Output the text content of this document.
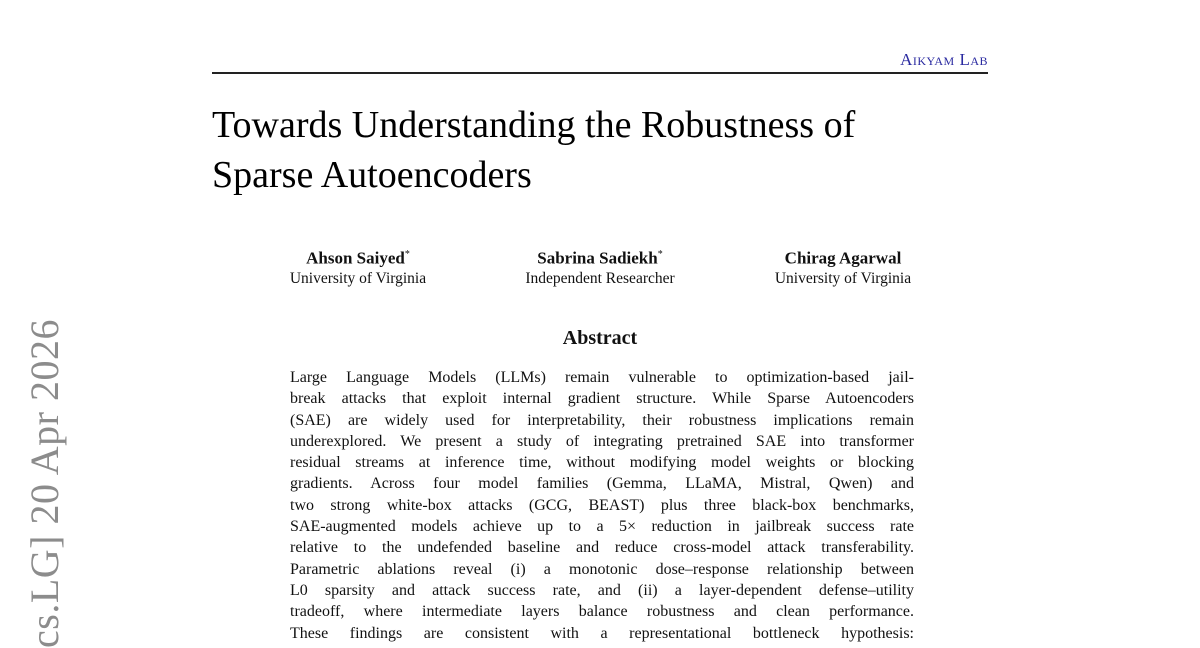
cs.LG] 20 Apr 2026
Aikyam Lab
Towards Understanding the Robustness of
Sparse Autoencoders
Ahson Saiyed*
University of Virginia
Sabrina Sadiekh*
Independent Researcher
Chirag Agarwal
University of Virginia
Abstract
Large Language Models (LLMs) remain vulnerable to optimization-based jail-
break attacks that exploit internal gradient structure. While Sparse Autoencoders
(SAE) are widely used for interpretability, their robustness implications remain
underexplored. We present a study of integrating pretrained SAE into transformer
residual streams at inference time, without modifying model weights or blocking
gradients. Across four model families (Gemma, LLaMA, Mistral, Qwen) and
two strong white-box attacks (GCG, BEAST) plus three black-box benchmarks,
SAE-augmented models achieve up to a 5× reduction in jailbreak success rate
relative to the undefended baseline and reduce cross-model attack transferability.
Parametric ablations reveal (i) a monotonic dose–response relationship between
L0 sparsity and attack success rate, and (ii) a layer-dependent defense–utility
tradeoff, where intermediate layers balance robustness and clean performance.
These findings are consistent with a representational bottleneck hypothesis:
